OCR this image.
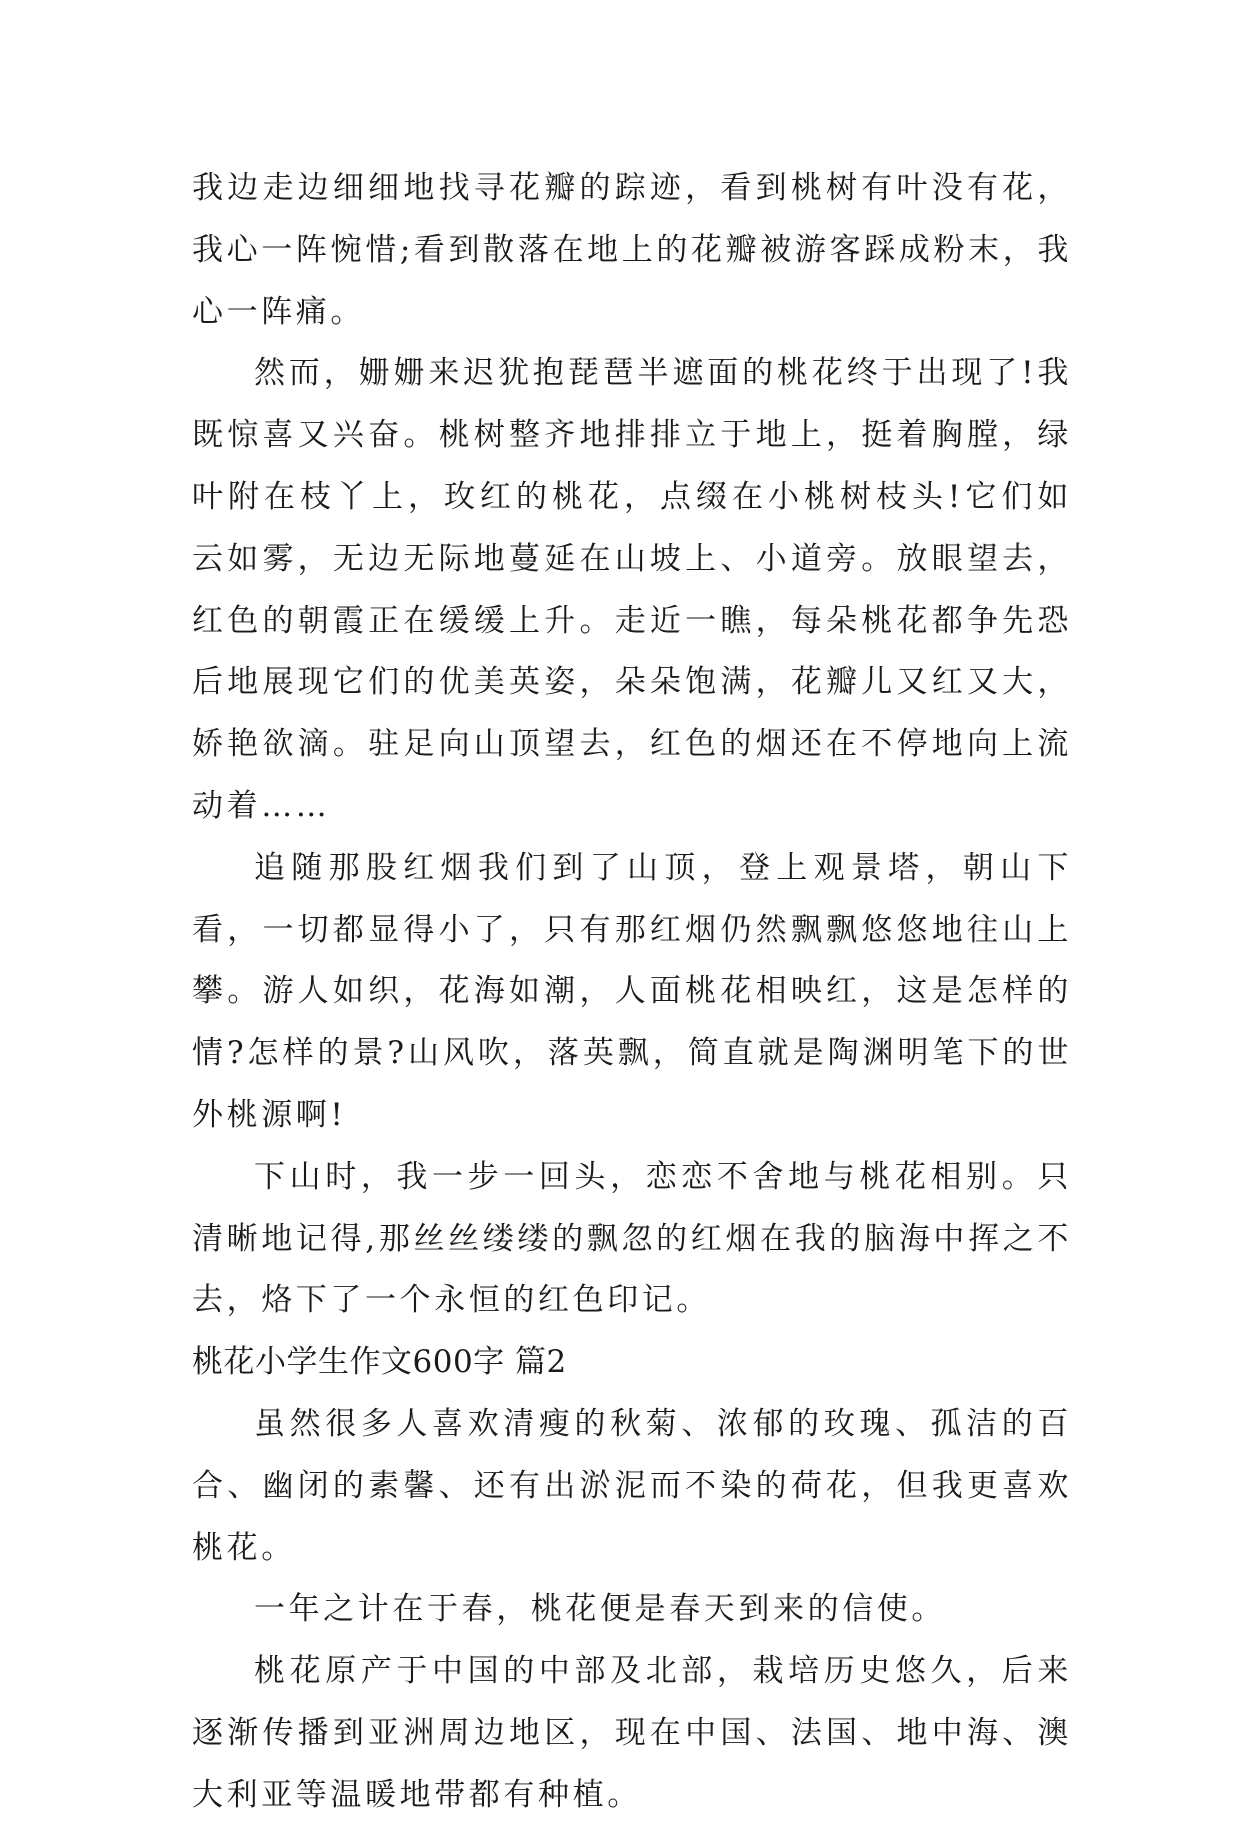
我边走边细细地找寻花瓣的踪迹，看到桃树有叶没有花，我心一阵惋惜;看到散落在地上的花瓣被游客踩成粉末，我心一阵痛。

然而，姗姗来迟犹抱琵琶半遮面的桃花终于出现了!我既惊喜又兴奋。桃树整齐地排排立于地上，挺着胸膛，绿叶附在枝丫上，玫红的桃花，点缀在小桃树枝头!它们如云如雾，无边无际地蔓延在山坡上、小道旁。放眼望去，红色的朝霞正在缓缓上升。走近一瞧，每朵桃花都争先恐后地展现它们的优美英姿，朵朵饱满，花瓣儿又红又大，娇艳欲滴。驻足向山顶望去，红色的烟还在不停地向上流动着……

追随那股红烟我们到了山顶，登上观景塔，朝山下看，一切都显得小了，只有那红烟仍然飘飘悠悠地往山上攀。游人如织，花海如潮，人面桃花相映红，这是怎样的情?怎样的景?山风吹，落英飘，简直就是陶渊明笔下的世外桃源啊!

下山时，我一步一回头，恋恋不舍地与桃花相别。只清晰地记得,那丝丝缕缕的飘忽的红烟在我的脑海中挥之不去，烙下了一个永恒的红色印记。

桃花小学生作文600字 篇2

虽然很多人喜欢清瘦的秋菊、浓郁的玫瑰、孤洁的百合、幽闭的素馨、还有出淤泥而不染的荷花，但我更喜欢桃花。

一年之计在于春，桃花便是春天到来的信使。

桃花原产于中国的中部及北部，栽培历史悠久，后来逐渐传播到亚洲周边地区，现在中国、法国、地中海、澳大利亚等温暖地带都有种植。
